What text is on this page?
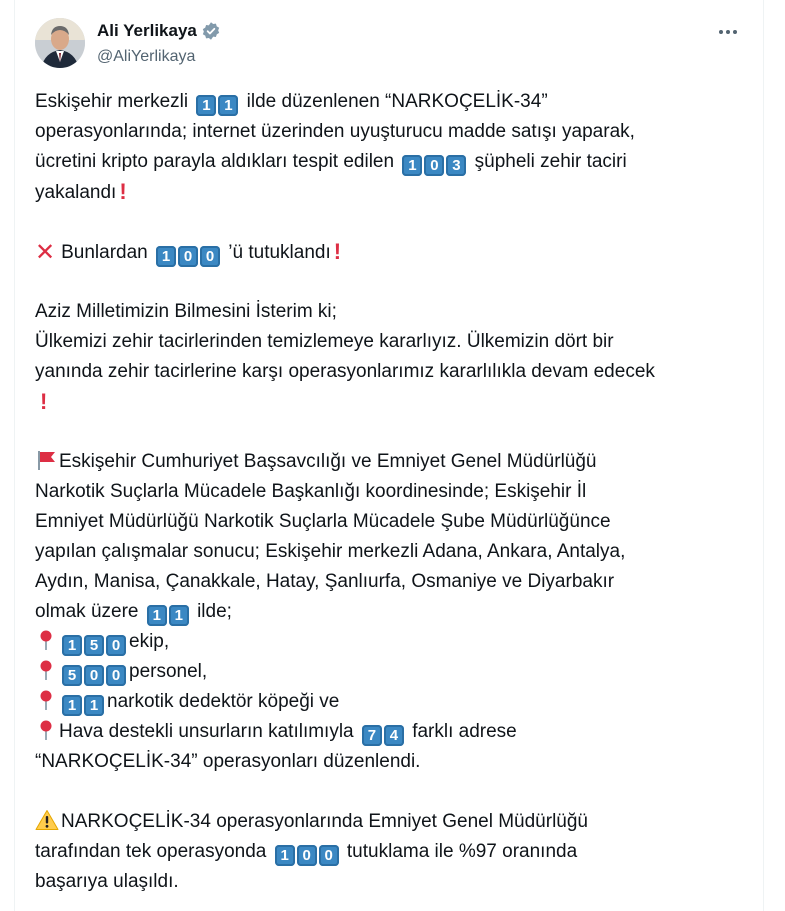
Ali Yerlikaya
@AliYerlikaya
Eskişehir merkezli 1 1 ilde düzenlenen “NARKOÇELİK-34”
operasyonlarında; internet üzerinden uyuşturucu madde satışı yaparak,
ücretini kripto parayla aldıkları tespit edilen 1 0 3 şüpheli zehir taciri
yakalandı !
✕ Bunlardan 1 0 0 ’ü tutuklandı !
Aziz Milletimizin Bilmesini İsterim ki;
Ülkemizi zehir tacirlerinden temizlemeye kararlıyız. Ülkemizin dört bir
yanında zehir tacirlerine karşı operasyonlarımız kararlılıkla devam edecek
!
Eskişehir Cumhuriyet Başsavcılığı ve Emniyet Genel Müdürlüğü
Narkotik Suçlarla Mücadele Başkanlığı koordinesinde; Eskişehir İl
Emniyet Müdürlüğü Narkotik Suçlarla Mücadele Şube Müdürlüğünce
yapılan çalışmalar sonucu; Eskişehir merkezli Adana, Ankara, Antalya,
Aydın, Manisa, Çanakkale, Hatay, Şanlıurfa, Osmaniye ve Diyarbakır
olmak üzere 1 1 ilde;
1 5 0 ekip,
5 0 0 personel,
1 1 narkotik dedektör köpeği ve
Hava destekli unsurların katılımıyla 7 4 farklı adrese
“NARKOÇELİK-34” operasyonları düzenlendi.
NARKOÇELİK-34 operasyonlarında Emniyet Genel Müdürlüğü
tarafından tek operasyonda 1 0 0 tutuklama ile %97 oranında
başarıya ulaşıldı.
